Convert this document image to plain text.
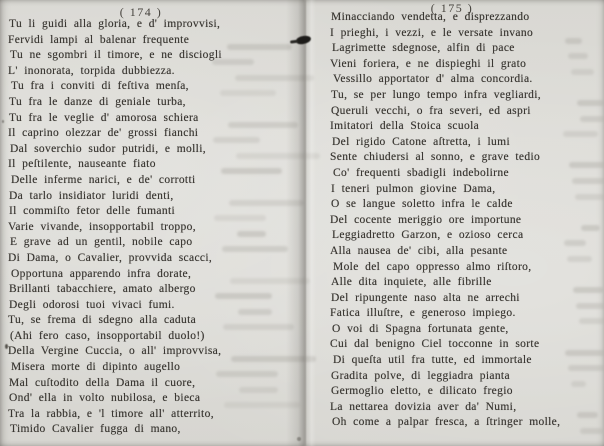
( 174 )
Tu li guidi alla gloria, e d' improvvisi,
Fervidi lampi al balenar frequente
Tu ne sgombri il timore, e ne disciogli
L' inonorata, torpida dubbiezza.
Tu fra i conviti di feſtiva menſa,
Tu fra le danze di geniale turba,
Tu fra le veglie d' amorosa schiera
Il caprino olezzar de' grossi fianchi
Dal soverchio sudor putridi, e molli,
Il peſtilente, nauseante fiato
Delle inferme narici, e de' corrotti
Da tarlo insidiator luridi denti,
Il commiſto fetor delle fumanti
Varie vivande, insopportabil troppo,
E grave ad un gentil, nobile capo
Di Dama, o Cavalier, provvida scacci,
Opportuna apparendo infra dorate,
Brillanti tabacchiere, amato albergo
Degli odorosi tuoi vivaci fumi.
Tu, se frema di sdegno alla caduta
(Ahi fero caso, insopportabil duolo!)
Della Vergine Cuccia, o all' improvvisa,
Misera morte di dipinto augello
Mal cuſtodito della Dama il cuore,
Ond' ella in volto nubilosa, e bieca
Tra la rabbia, e 'l timore all' atterrito,
Timido Cavalier fugga di mano,
( 175 )
Minacciando vendetta, e disprezzando
I prieghi, i vezzi, e le versate invano
Lagrimette sdegnose, alfin di pace
Vieni foriera, e ne dispieghi il grato
Vessillo apportator d' alma concordia.
Tu, se per lungo tempo infra vegliardi,
Queruli vecchi, o fra severi, ed aspri
Imitatori della Stoica scuola
Del rigido Catone aſtretta, i lumi
Sente chiudersi al sonno, e grave tedio
Co' frequenti sbadigli indebolirne
I teneri pulmon giovine Dama,
O se langue soletto infra le calde
Del cocente meriggio ore importune
Leggiadretto Garzon, e ozioso cerca
Alla nausea de' cibi, alla pesante
Mole del capo oppresso almo riſtoro,
Alle dita inquiete, alle fibrille
Del ripungente naso alta ne arrechi
Fatica illuſtre, e generoso impiego.
O voi di Spagna fortunata gente,
Cui dal benigno Ciel tocconne in sorte
Di queſta util fra tutte, ed immortale
Gradita polve, di leggiadra pianta
Germoglio eletto, e dilicato fregio
La nettarea dovizia aver da' Numi,
Oh come a palpar fresca, a ſtringer molle,
